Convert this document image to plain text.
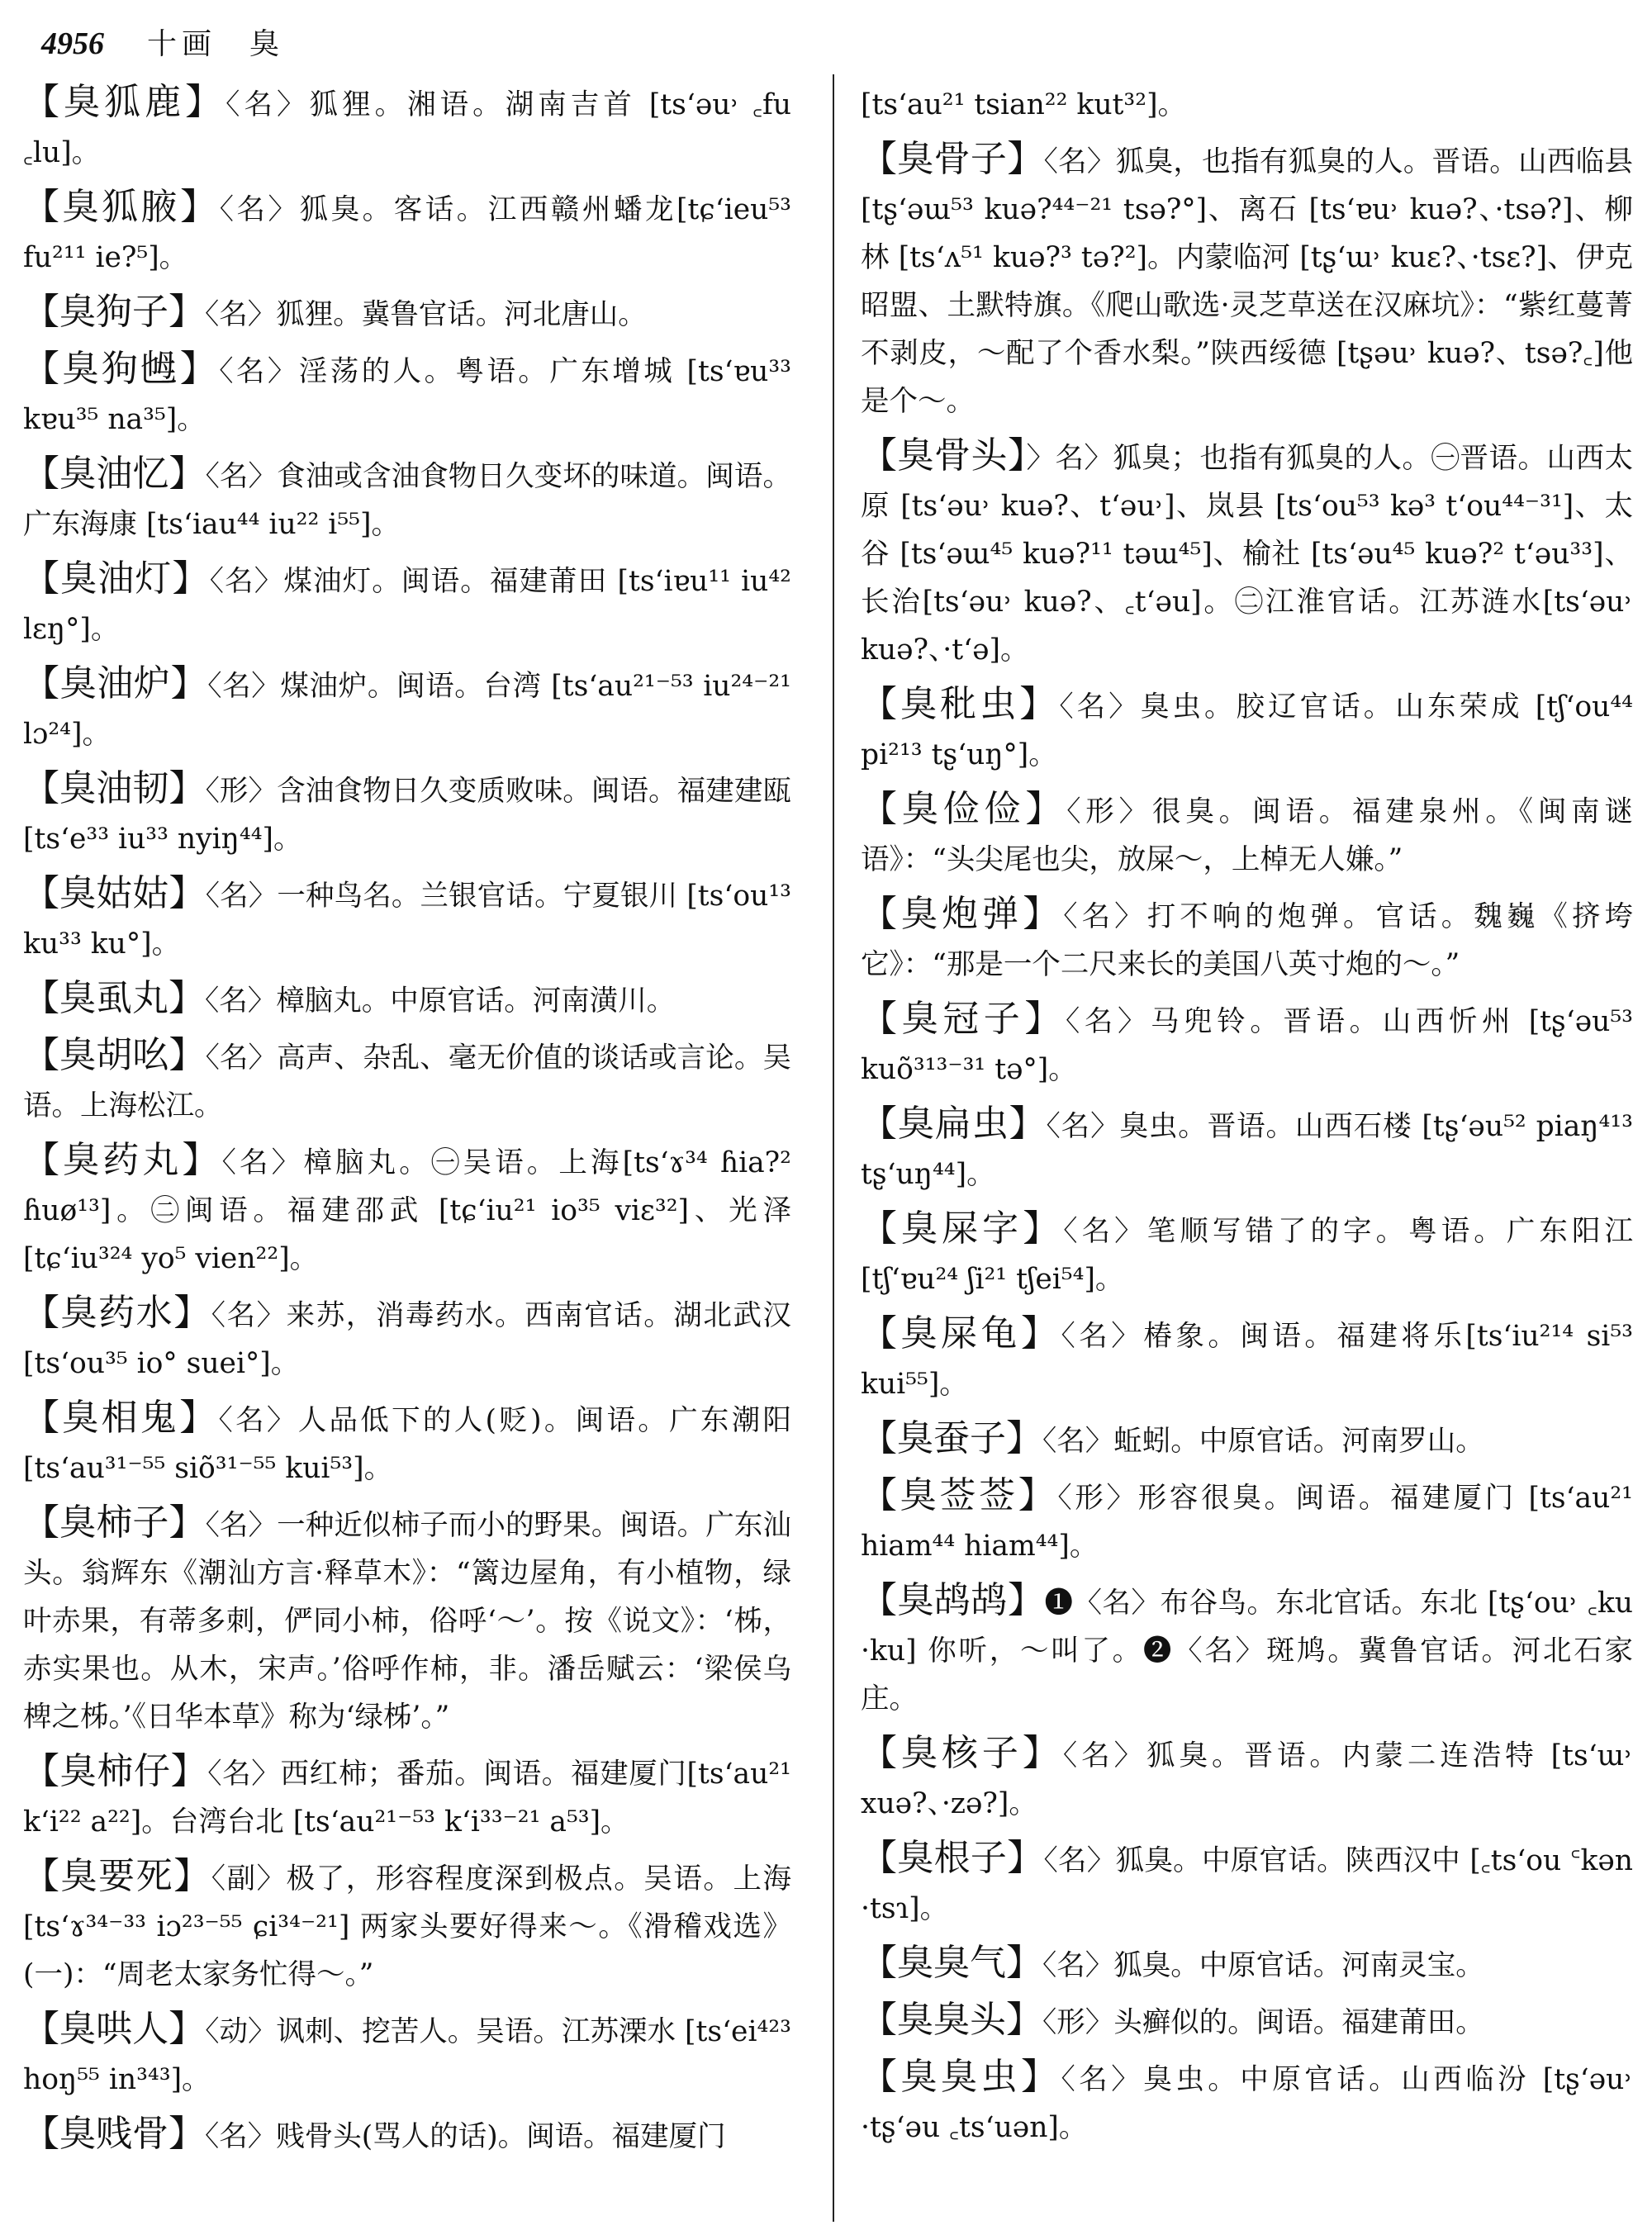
4956 十画 臭

【臭狐鹿】〈名〉狐狸。湘语。湖南吉首 [ts‘əu˒ ꜀fu ꜀lu]。

【臭狐腋】〈名〉狐臭。客话。江西赣州蟠龙[tɕ‘ieu⁵³ fu²¹¹ ie?⁵]。

【臭狗子】〈名〉狐狸。冀鲁官话。河北唐山。

【臭狗乸】〈名〉淫荡的人。粤语。广东增城 [ts‘ɐu³³ kɐu³⁵ na³⁵]。

【臭油忆】〈名〉食油或含油食物日久变坏的味道。闽语。广东海康 [ts‘iau⁴⁴ iu²² i⁵⁵]。

【臭油灯】〈名〉煤油灯。闽语。福建莆田 [ts‘iɐu¹¹ iu⁴² lɛŋ°]。

【臭油炉】〈名〉煤油炉。闽语。台湾 [ts‘au²¹⁻⁵³ iu²⁴⁻²¹ lɔ²⁴]。

【臭油韧】〈形〉含油食物日久变质败味。闽语。福建建瓯 [ts‘e³³ iu³³ nyiŋ⁴⁴]。

【臭姑姑】〈名〉一种鸟名。兰银官话。宁夏银川 [ts‘ou¹³ ku³³ ku°]。

【臭虱丸】〈名〉樟脑丸。中原官话。河南潢川。

【臭胡吆】〈名〉高声、杂乱、毫无价值的谈话或言论。吴语。上海松江。

【臭药丸】〈名〉樟脑丸。㊀吴语。上海[ts‘ɤ³⁴ ɦia?² ɦuø¹³]。㊁闽语。福建邵武 [tɕ‘iu²¹ io³⁵ viɛ³²]、光泽 [tɕ‘iu³²⁴ yo⁵ vien²²]。

【臭药水】〈名〉来苏，消毒药水。西南官话。湖北武汉 [ts‘ou³⁵ io° suei°]。

【臭相鬼】〈名〉人品低下的人(贬)。闽语。广东潮阳 [ts‘au³¹⁻⁵⁵ siõ³¹⁻⁵⁵ kui⁵³]。

【臭柿子】〈名〉一种近似柿子而小的野果。闽语。广东汕头。翁辉东《潮汕方言·释草木》：“篱边屋角，有小植物，绿叶赤果，有蒂多刺，俨同小柿，俗呼‘～’。按《说文》：‘柹，赤实果也。从木，宋声。’俗呼作柿，非。潘岳赋云：‘梁侯乌椑之柹。’《日华本草》称为‘绿柹’。”

【臭柿仔】〈名〉西红柿；番茄。闽语。福建厦门[ts‘au²¹ k‘i²² a²²]。台湾台北 [ts‘au²¹⁻⁵³ k‘i³³⁻²¹ a⁵³]。

【臭要死】〈副〉极了，形容程度深到极点。吴语。上海 [ts‘ɤ³⁴⁻³³ iɔ²³⁻⁵⁵ ɕi³⁴⁻²¹] 两家头要好得来～。《滑稽戏选》(一)：“周老太家务忙得～。”

【臭哄人】〈动〉讽刺、挖苦人。吴语。江苏溧水 [ts‘ei⁴²³ hoŋ⁵⁵ in³⁴³]。

【臭贱骨】〈名〉贱骨头(骂人的话)。闽语。福建厦门

[ts‘au²¹ tsian²² kut³²]。

【臭骨子】〈名〉狐臭，也指有狐臭的人。晋语。山西临县[tʂ‘əɯ⁵³ kuə?⁴⁴⁻²¹ tsə?°]、离石 [ts‘ɐu˒ kuə?、·tsə?]、柳林 [ts‘ʌ⁵¹ kuə?³ tə?²]。内蒙临河 [tʂ‘ɯ˒ kuɛ?、·tsɛ?]、伊克昭盟、土默特旗。《爬山歌选·灵芝草送在汉麻坑》：“紫红蔓菁不剥皮，～配了个香水梨。”陕西绥德 [tʂəu˒ kuə?、tsə?꜀]他是个～。

【臭骨头】〉名〉狐臭；也指有狐臭的人。㊀晋语。山西太原 [ts‘əu˒ kuə?、t‘əu˒]、岚县 [ts‘ou⁵³ kə³ t‘ou⁴⁴⁻³¹]、太谷 [ts‘əɯ⁴⁵ kuə?¹¹ təɯ⁴⁵]、榆社 [ts‘əu⁴⁵ kuə?² t‘əu³³]、长治[ts‘əu˒ kuə?、꜀t‘əu]。㊁江淮官话。江苏涟水[ts‘əu˒ kuə?、·t‘ə]。

【臭秕虫】〈名〉臭虫。胶辽官话。山东荣成 [tʃ‘ou⁴⁴ pi²¹³ tʂ‘uŋ°]。

【臭俭俭】〈形〉很臭。闽语。福建泉州。《闽南谜语》：“头尖尾也尖，放屎～，上棹无人嫌。”

【臭炮弹】〈名〉打不响的炮弹。官话。魏巍《挤垮它》：“那是一个二尺来长的美国八英寸炮的～。”

【臭冠子】〈名〉马兜铃。晋语。山西忻州 [tʂ‘əu⁵³ kuõ³¹³⁻³¹ tə°]。

【臭扁虫】〈名〉臭虫。晋语。山西石楼 [tʂ‘əu⁵² piaŋ⁴¹³ tʂ‘uŋ⁴⁴]。

【臭屎字】〈名〉笔顺写错了的字。粤语。广东阳江 [tʃ‘ɐu²⁴ ʃi²¹ tʃei⁵⁴]。

【臭屎龟】〈名〉椿象。闽语。福建将乐[ts‘iu²¹⁴ si⁵³ kui⁵⁵]。

【臭蚕子】〈名〉蚯蚓。中原官话。河南罗山。

【臭莶莶】〈形〉形容很臭。闽语。福建厦门 [ts‘au²¹ hiam⁴⁴ hiam⁴⁴]。

【臭鸪鸪】❶〈名〉布谷鸟。东北官话。东北 [tʂ‘ou˒ ꜀ku ·ku] 你听，～叫了。❷〈名〉斑鸠。冀鲁官话。河北石家庄。

【臭核子】〈名〉狐臭。晋语。内蒙二连浩特 [ts‘ɯ˒ xuə?、·zə?]。

【臭根子】〈名〉狐臭。中原官话。陕西汉中 [꜀ts‘ou ꜂kən ·tsɿ]。

【臭臭气】〈名〉狐臭。中原官话。河南灵宝。

【臭臭头】〈形〉头癣似的。闽语。福建莆田。

【臭臭虫】〈名〉臭虫。中原官话。山西临汾 [tʂ‘əu˒ ·tʂ‘əu ꜀ts‘uən]。
